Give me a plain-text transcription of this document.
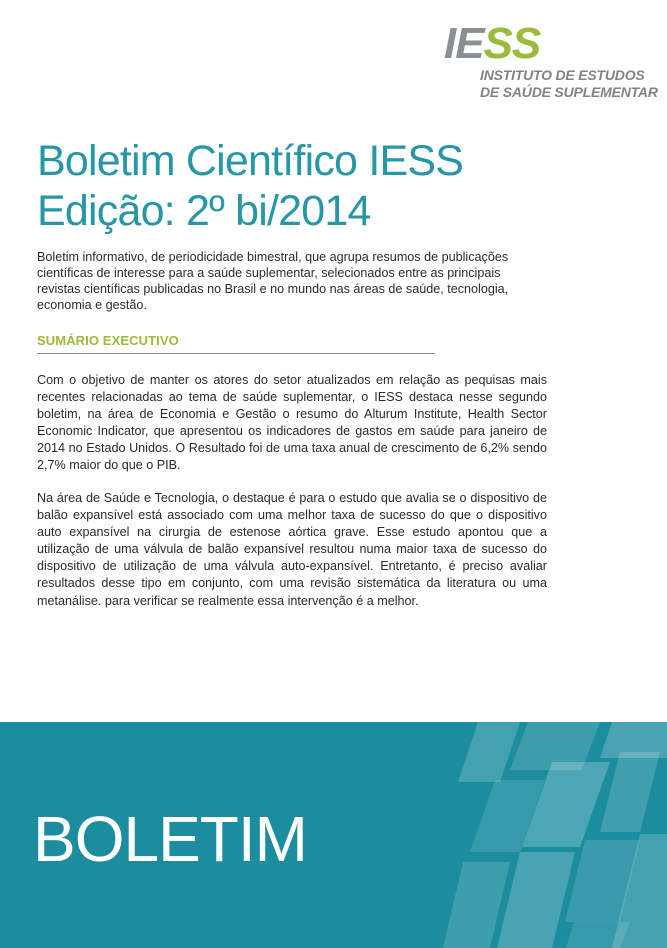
IESS
INSTITUTO DE ESTUDOS
DE SAÚDE SUPLEMENTAR
Boletim Científico IESS
Edição: 2º bi/2014

Boletim informativo, de periodicidade bimestral, que agrupa resumos de publicações científicas de interesse para a saúde suplementar, selecionados entre as principais revistas científicas publicadas no Brasil e no mundo nas áreas de saúde, tecnologia, economia e gestão.

SUMÁRIO EXECUTIVO

Com o objetivo de manter os atores do setor atualizados em relação as pequisas mais recentes relacionadas ao tema de saúde suplementar, o IESS destaca nesse segundo boletim, na área de Economia e Gestão o resumo do Alturum Institute, Health Sector Economic Indicator, que apresentou os indicadores de gastos em saúde para janeiro de 2014 no Estado Unidos. O Resultado foi de uma taxa anual de crescimento de 6,2% sendo 2,7% maior do que o PIB.

Na área de Saúde e Tecnologia, o destaque é para o estudo que avalia se o dispositivo de balão expansível está associado com uma melhor taxa de sucesso do que o dispositivo auto expansível na cirurgia de estenose aórtica grave. Esse estudo apontou que a utilização de uma válvula de balão expansível resultou numa maior taxa de sucesso do dispositivo de utilização de uma válvula auto-expansível. Entretanto, é preciso avaliar resultados desse tipo em conjunto, com uma revisão sistemática da literatura ou uma metanálise. para verificar se realmente essa intervenção é a melhor.

BOLETIM
